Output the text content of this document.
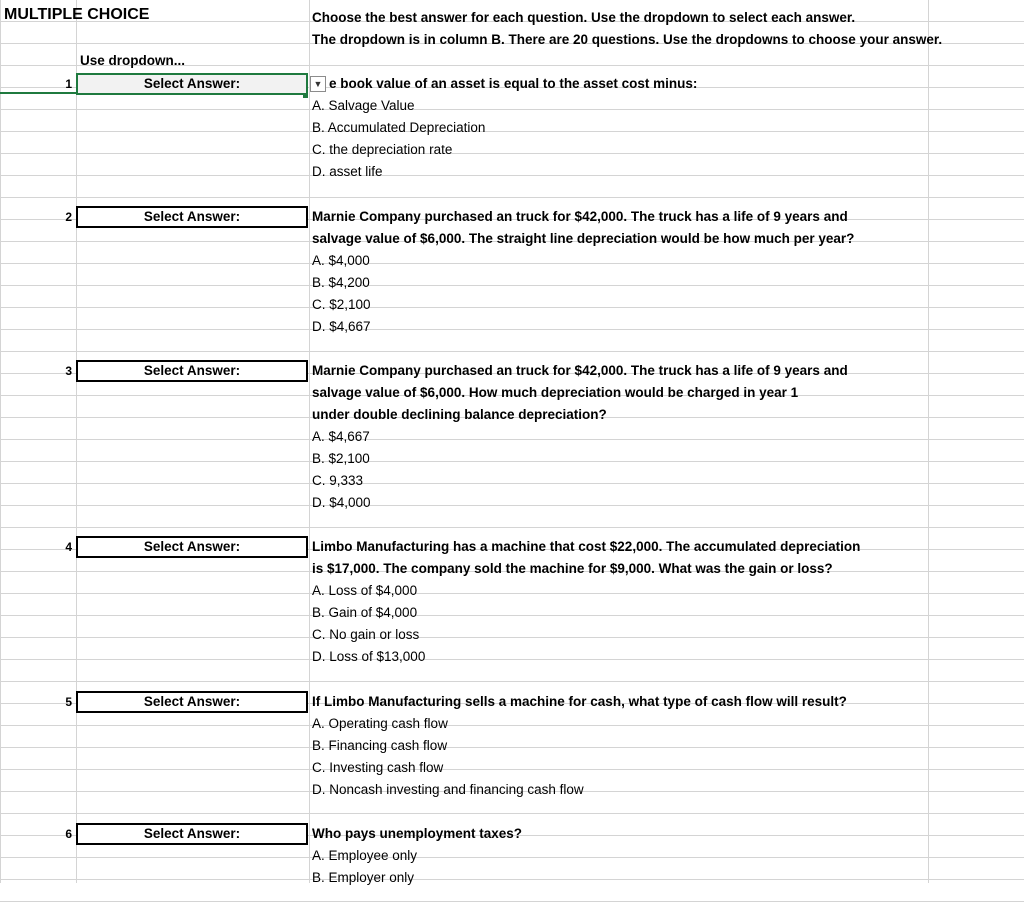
MULTIPLE CHOICE	Choose the best answer for each question. Use the dropdown to select each answer.
The dropdown is in column B. There are 20 questions. Use the dropdowns to choose your answer.
Use dropdown...
1	Select Answer:	e book value of an asset is equal to the asset cost minus:
A. Salvage Value
B. Accumulated Depreciation
C. the depreciation rate
D. asset life
2	Select Answer:	Marnie Company purchased an truck for $42,000. The truck has a life of 9 years and
salvage value of $6,000. The straight line depreciation would be how much per year?
A. $4,000
B. $4,200
C. $2,100
D. $4,667
3	Select Answer:	Marnie Company purchased an truck for $42,000. The truck has a life of 9 years and
salvage value of $6,000. How much depreciation would be charged in year 1
under double declining balance depreciation?
A. $4,667
B. $2,100
C. 9,333
D. $4,000
4	Select Answer:	Limbo Manufacturing has a machine that cost $22,000. The accumulated depreciation
is $17,000. The company sold the machine for $9,000. What was the gain or loss?
A. Loss of $4,000
B. Gain of $4,000
C. No gain or loss
D. Loss of $13,000
5	Select Answer:	If Limbo Manufacturing sells a machine for cash, what type of cash flow will result?
A. Operating cash flow
B. Financing cash flow
C. Investing cash flow
D. Noncash investing and financing cash flow
6	Select Answer:	Who pays unemployment taxes?
A. Employee only
B. Employer only
▼
